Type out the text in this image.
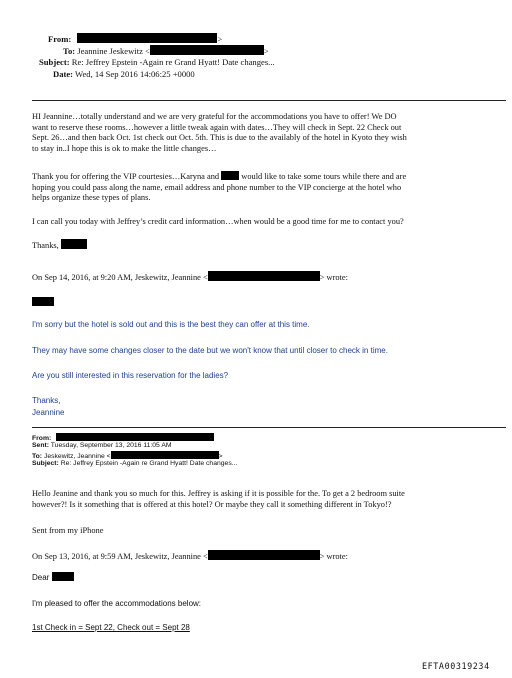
From:	>
To: Jeannine Jeskewitz <	>
Subject: Re: Jeffrey Epstein -Again re Grand Hyatt! Date changes...
Date: Wed, 14 Sep 2016 14:06:25 +0000
HI Jeannine…totally understand and we are very grateful for the accommodations you have to offer! We DO
want to reserve these rooms…however a little tweak again with dates…They will check in Sept. 22 Check out
Sept. 26…and then back Oct. 1st check out Oct. 5th. This is due to the availably of the hotel in Kyoto they wish
to stay in..I hope this is ok to make the little changes…
Thank you for offering the VIP courtesies…Karyna and	would like to take some tours while there and are
hoping you could pass along the name, email address and phone number to the VIP concierge at the hotel who
helps organize these types of plans.
I can call you today with Jeffrey’s credit card information…when would be a good time for me to contact you?
Thanks,
On Sep 14, 2016, at 9:20 AM, Jeskewitz, Jeannine <	> wrote:
I'm sorry but the hotel is sold out and this is the best they can offer at this time.
They may have some changes closer to the date but we won't know that until closer to check in time.
Are you still interested in this reservation for the ladies?
Thanks,
Jeannine
From:
Sent: Tuesday, September 13, 2016 11:05 AM
To: Jeskewitz, Jeannine <	>
Subject: Re: Jeffrey Epstein -Again re Grand Hyatt! Date changes...
Hello Jeanine and thank you so much for this. Jeffrey is asking if it is possible for the. To get a 2 bedroom suite
however?! Is it something that is offered at this hotel? Or maybe they call it something different in Tokyo!?
Sent from my iPhone
On Sep 13, 2016, at 9:59 AM, Jeskewitz, Jeannine <	> wrote:
Dear
I'm pleased to offer the accommodations below:
1st Check in = Sept 22, Check out = Sept 28
EFTA00319234
